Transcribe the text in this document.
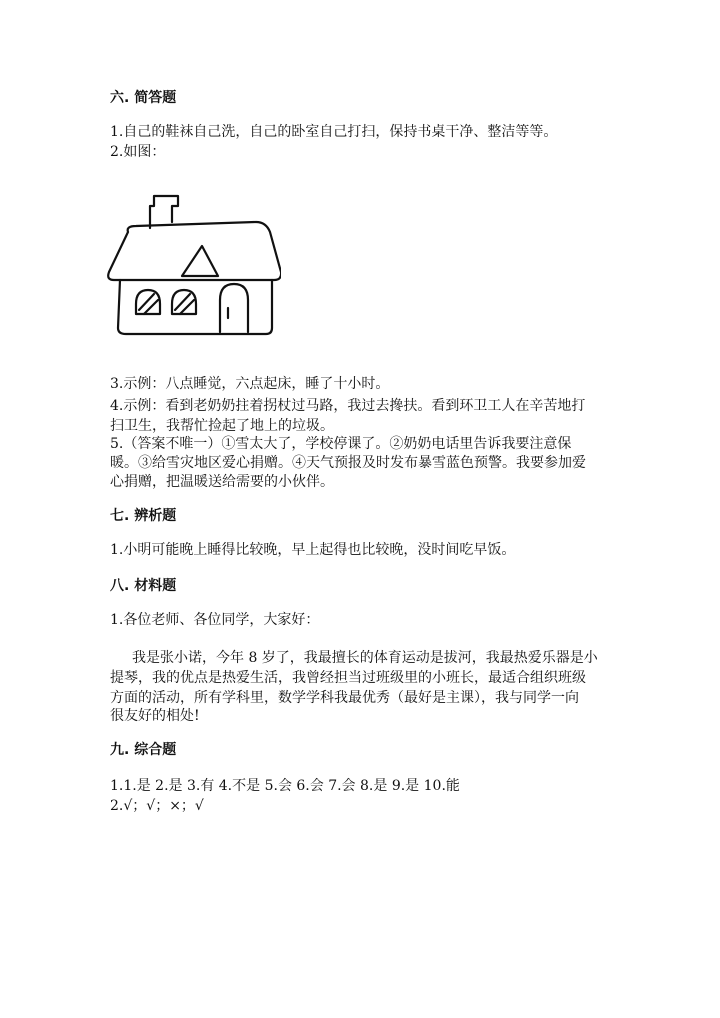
六. 简答题
1.自己的鞋袜自己洗，自己的卧室自己打扫，保持书桌干净、整洁等等。
2.如图：
3.示例：八点睡觉，六点起床，睡了十小时。
4.示例：看到老奶奶拄着拐杖过马路，我过去搀扶。看到环卫工人在辛苦地打
扫卫生，我帮忙捡起了地上的垃圾。
5.（答案不唯一）①雪太大了，学校停课了。②奶奶电话里告诉我要注意保
暖。③给雪灾地区爱心捐赠。④天气预报及时发布暴雪蓝色预警。我要参加爱
心捐赠，把温暖送给需要的小伙伴。
七. 辨析题
1.小明可能晚上睡得比较晚，早上起得也比较晚，没时间吃早饭。
八. 材料题
1.各位老师、各位同学，大家好：
我是张小诺，今年 8 岁了，我最擅长的体育运动是拔河，我最热爱乐器是小
提琴，我的优点是热爱生活，我曾经担当过班级里的小班长，最适合组织班级
方面的活动，所有学科里，数学学科我最优秀（最好是主课），我与同学一向
很友好的相处!
九. 综合题
1.1.是 2.是 3.有 4.不是 5.会 6.会 7.会 8.是 9.是 10.能
2.√；√；×；√
